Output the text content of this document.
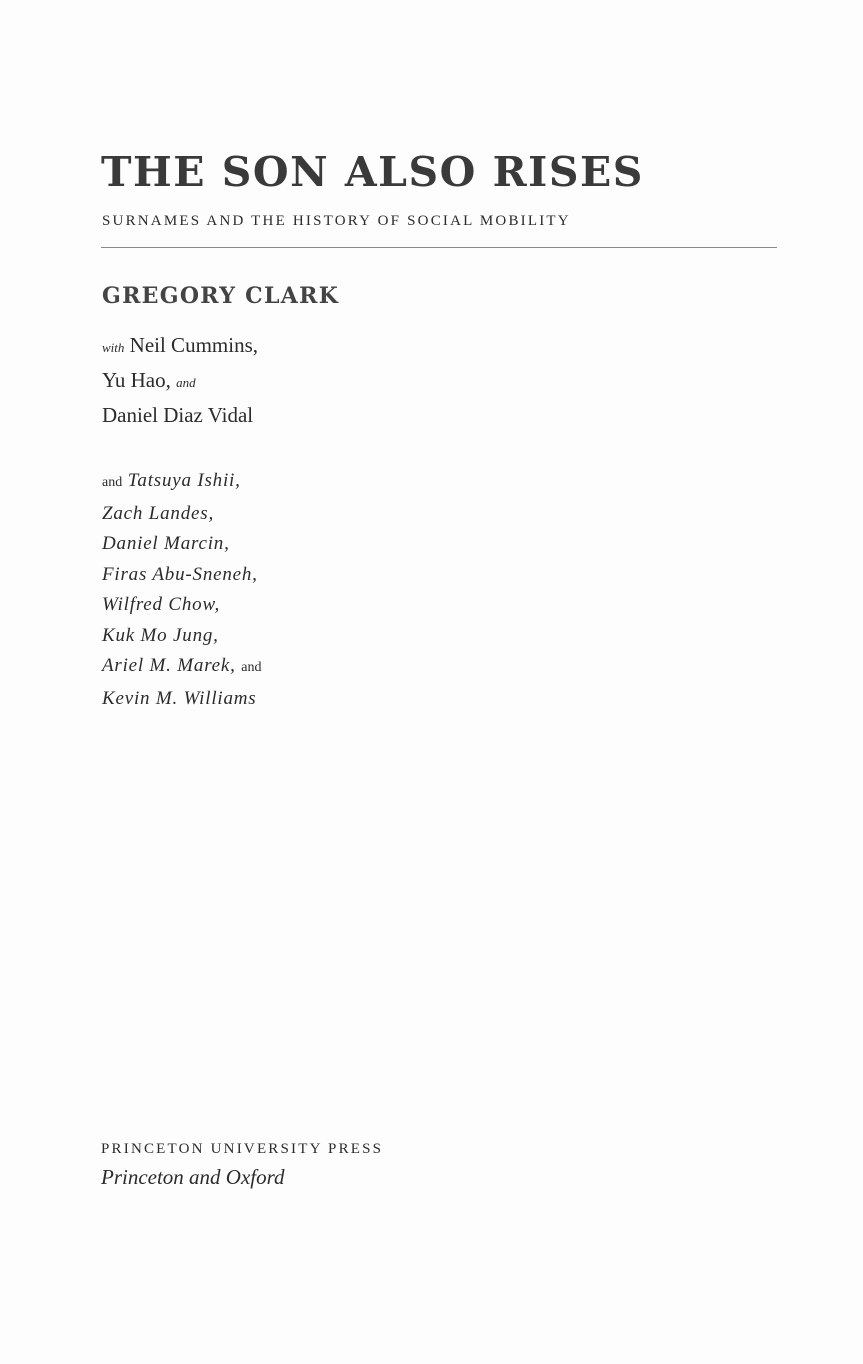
THE SON ALSO RISES
SURNAMES AND THE HISTORY OF SOCIAL MOBILITY
GREGORY CLARK
with Neil Cummins,
Yu Hao, and
Daniel Diaz Vidal
and Tatsuya Ishii,
Zach Landes,
Daniel Marcin,
Firas Abu-Sneneh,
Wilfred Chow,
Kuk Mo Jung,
Ariel M. Marek, and
Kevin M. Williams
PRINCETON UNIVERSITY PRESS
Princeton and Oxford
